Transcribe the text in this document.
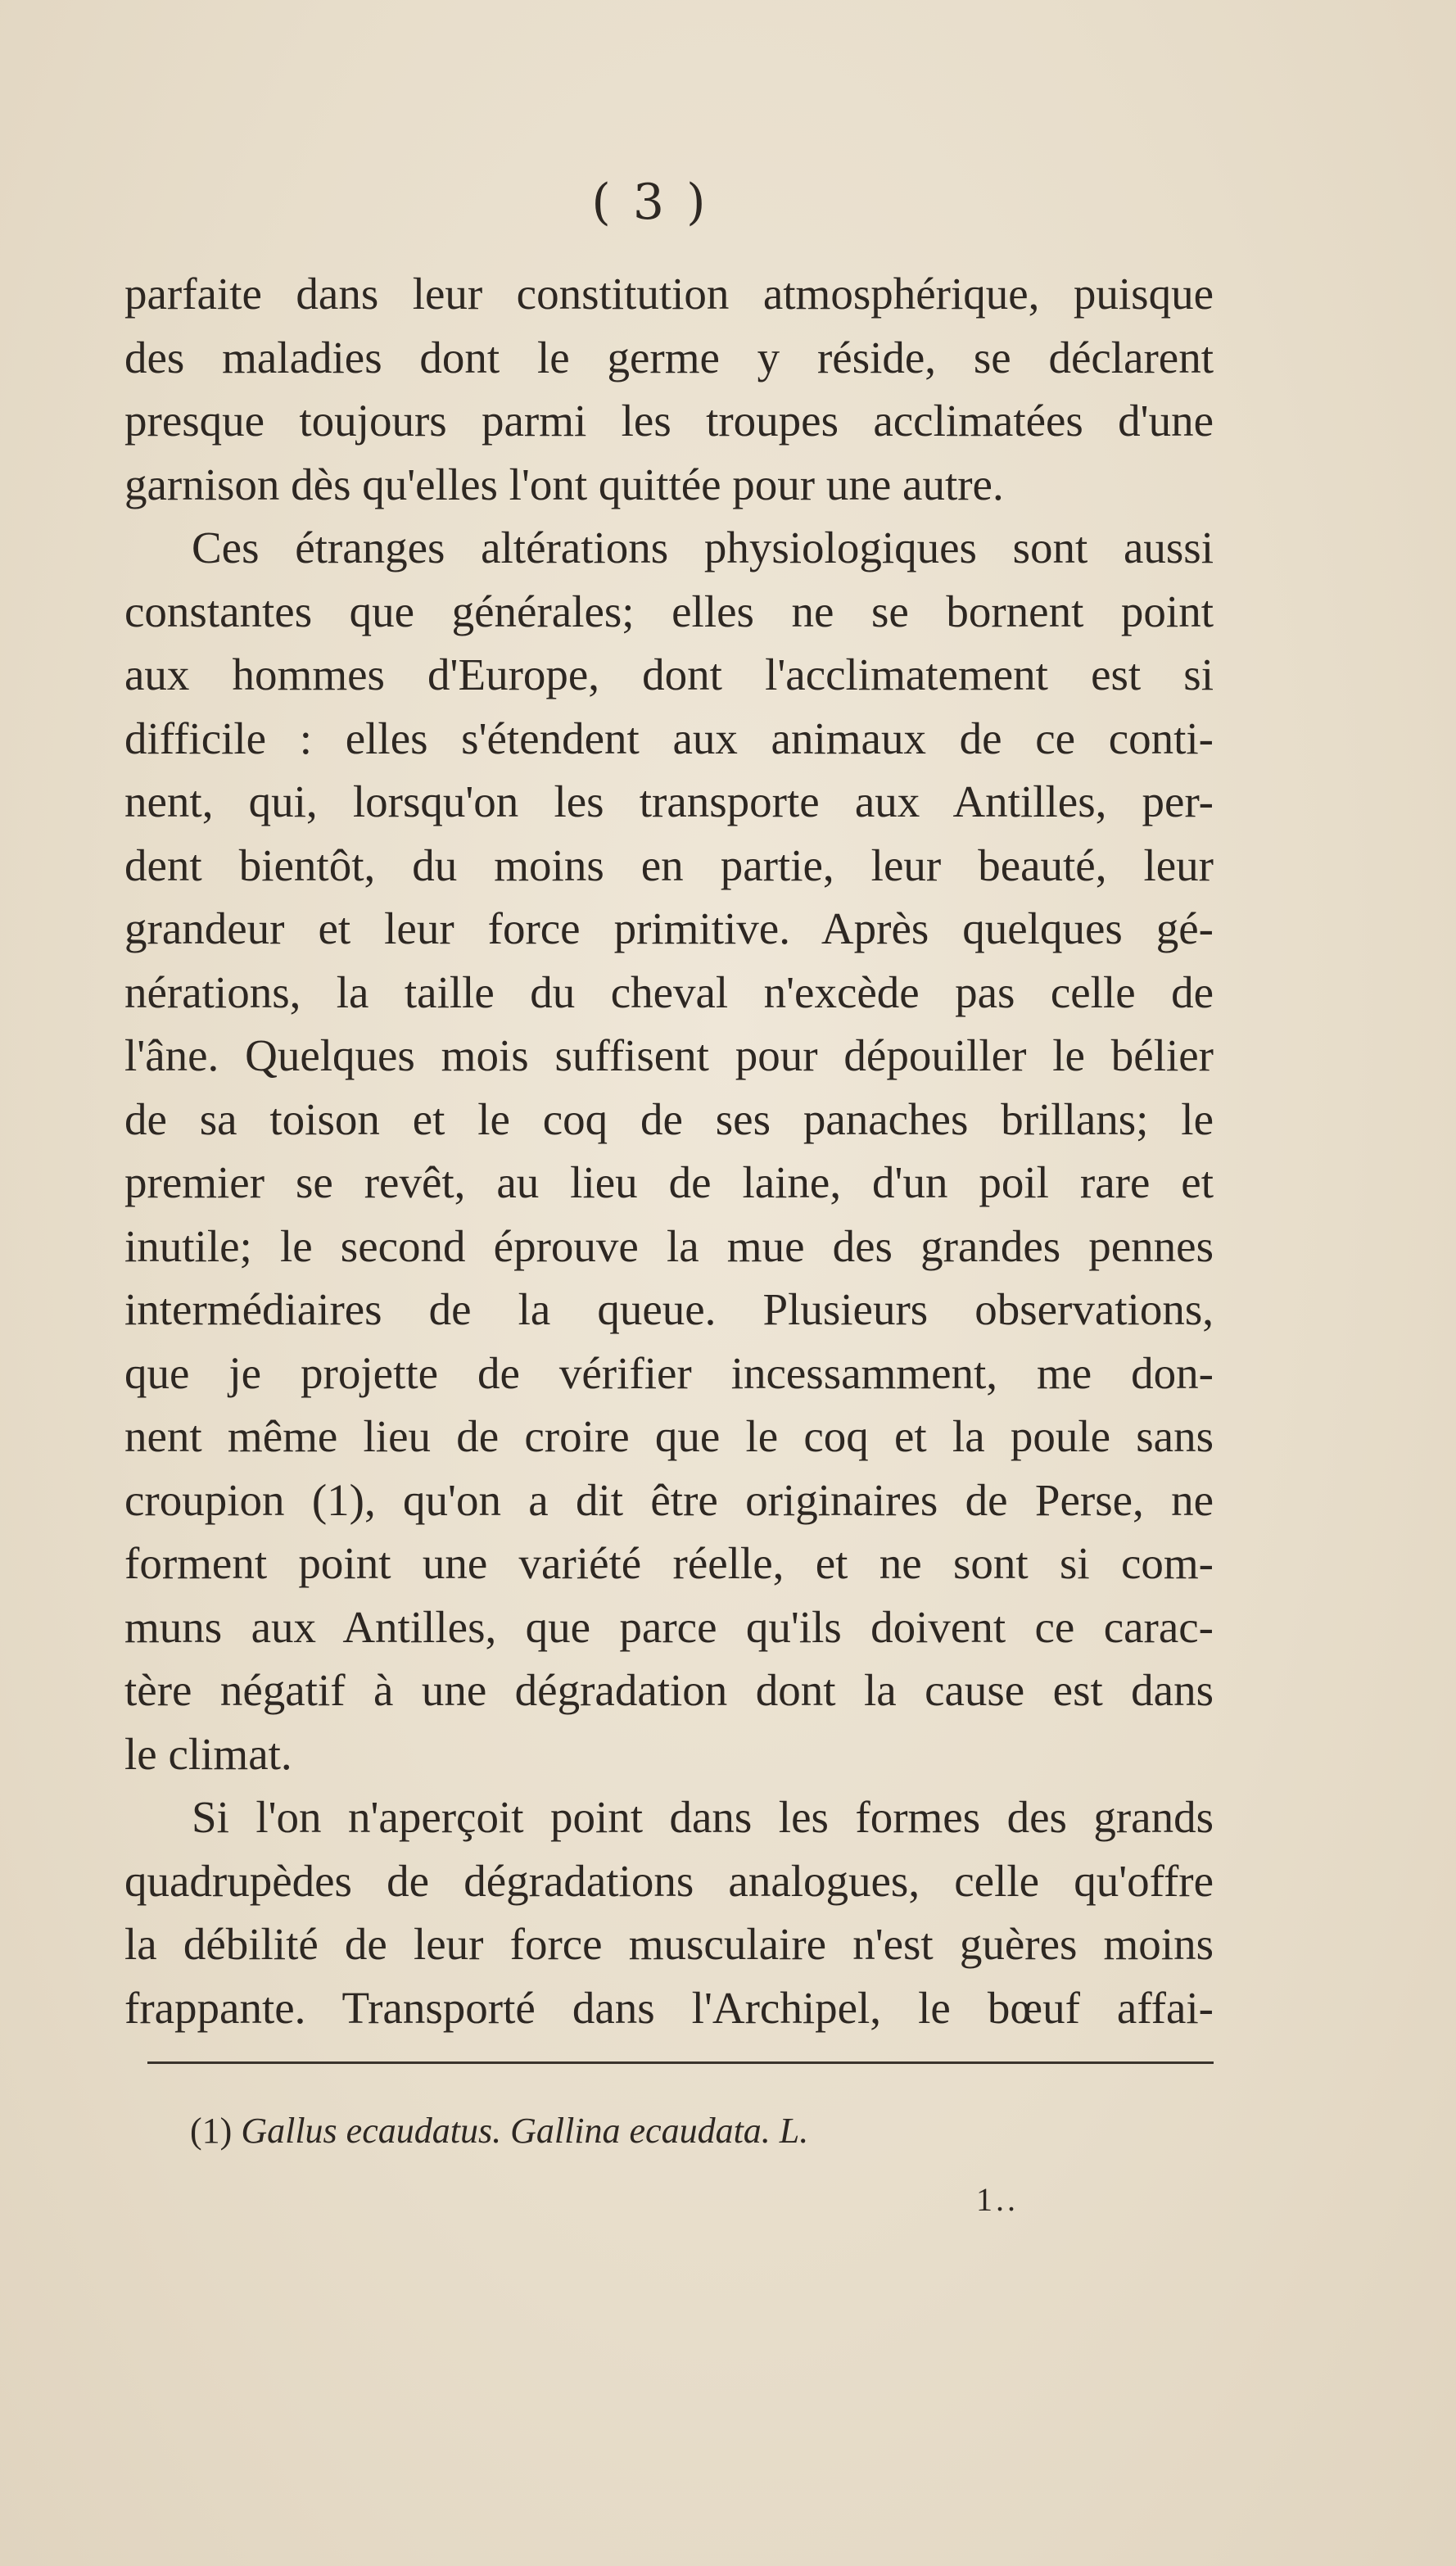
( 3 )
parfaite dans leur constitution atmosphérique, puisque
des maladies dont le germe y réside, se déclarent
presque toujours parmi les troupes acclimatées d'une
garnison dès qu'elles l'ont quittée pour une autre.
Ces étranges altérations physiologiques sont aussi
constantes que générales; elles ne se bornent point
aux hommes d'Europe, dont l'acclimatement est si
difficile : elles s'étendent aux animaux de ce conti-
nent, qui, lorsqu'on les transporte aux Antilles, per-
dent bientôt, du moins en partie, leur beauté, leur
grandeur et leur force primitive. Après quelques gé-
nérations, la taille du cheval n'excède pas celle de
l'âne. Quelques mois suffisent pour dépouiller le bélier
de sa toison et le coq de ses panaches brillans; le
premier se revêt, au lieu de laine, d'un poil rare et
inutile; le second éprouve la mue des grandes pennes
intermédiaires de la queue. Plusieurs observations,
que je projette de vérifier incessamment, me don-
nent même lieu de croire que le coq et la poule sans
croupion (1), qu'on a dit être originaires de Perse, ne
forment point une variété réelle, et ne sont si com-
muns aux Antilles, que parce qu'ils doivent ce carac-
tère négatif à une dégradation dont la cause est dans
le climat.
Si l'on n'aperçoit point dans les formes des grands
quadrupèdes de dégradations analogues, celle qu'offre
la débilité de leur force musculaire n'est guères moins
frappante. Transporté dans l'Archipel, le bœuf affai-
(1) Gallus ecaudatus. Gallina ecaudata. L.
1..
